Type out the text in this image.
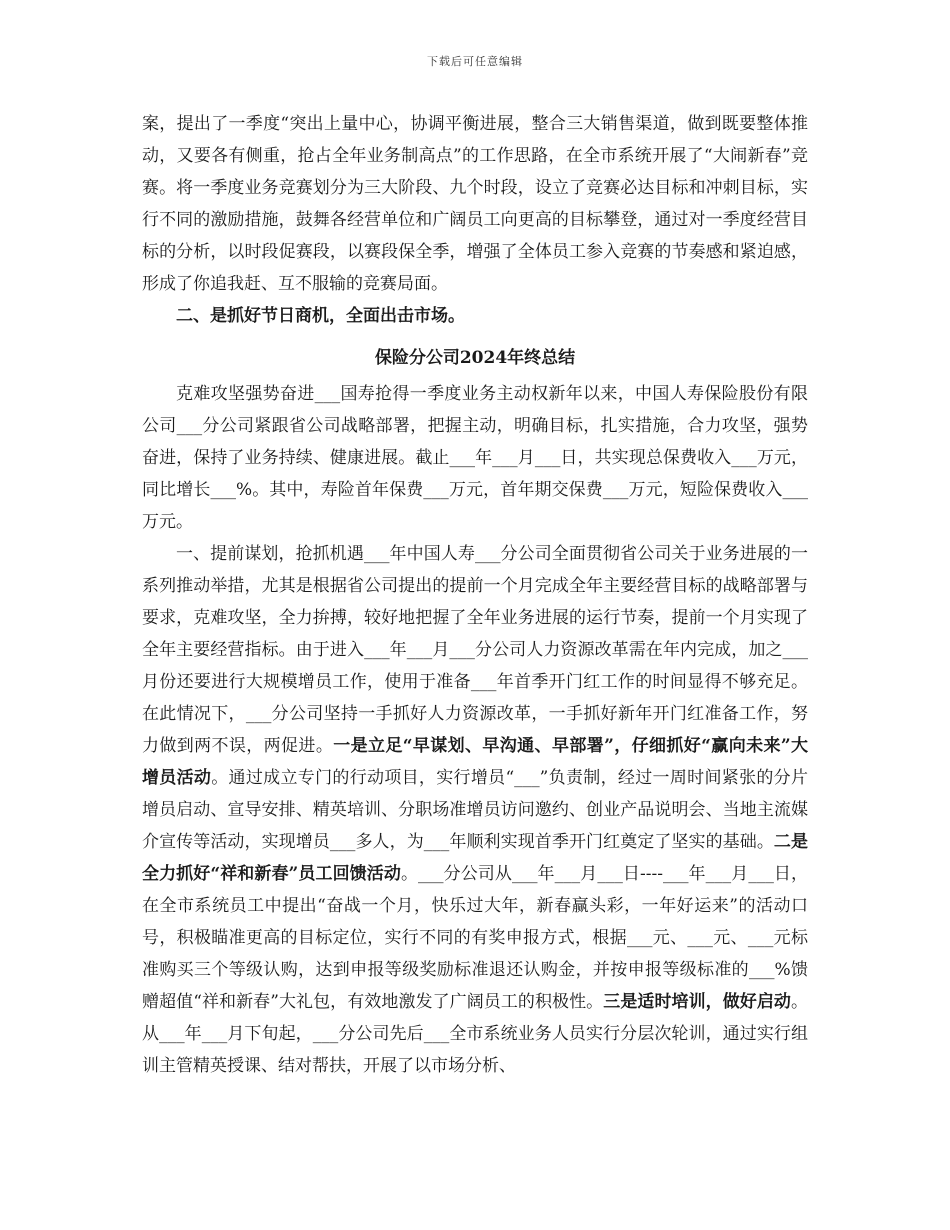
下载后可任意编辑

案，提出了一季度“突出上量中心，协调平衡进展，整合三大销售渠道，做到既要整体推动，又要各有侧重，抢占全年业务制高点”的工作思路，在全市系统开展了“大闹新春”竞赛。将一季度业务竞赛划分为三大阶段、九个时段，设立了竞赛必达目标和冲刺目标，实行不同的激励措施，鼓舞各经营单位和广阔员工向更高的目标攀登，通过对一季度经营目标的分析，以时段促赛段，以赛段保全季，增强了全体员工参入竞赛的节奏感和紧迫感，形成了你追我赶、互不服输的竞赛局面。

二、是抓好节日商机，全面出击市场。

保险分公司2024年终总结

克难攻坚强势奋进___国寿抢得一季度业务主动权新年以来，中国人寿保险股份有限公司___分公司紧跟省公司战略部署，把握主动，明确目标，扎实措施，合力攻坚，强势奋进，保持了业务持续、健康进展。截止___年___月___日，共实现总保费收入___万元，同比增长___%。其中，寿险首年保费___万元，首年期交保费___万元，短险保费收入___万元。

一、提前谋划，抢抓机遇___年中国人寿___分公司全面贯彻省公司关于业务进展的一系列推动举措，尤其是根据省公司提出的提前一个月完成全年主要经营目标的战略部署与要求，克难攻坚，全力拚搏，较好地把握了全年业务进展的运行节奏，提前一个月实现了全年主要经营指标。由于进入___年___月___分公司人力资源改革需在年内完成，加之___月份还要进行大规模增员工作，使用于准备___年首季开门红工作的时间显得不够充足。在此情况下，___分公司坚持一手抓好人力资源改革，一手抓好新年开门红准备工作，努力做到两不误，两促进。一是立足“早谋划、早沟通、早部署”，仔细抓好“赢向未来”大增员活动。通过成立专门的行动项目，实行增员“___”负责制，经过一周时间紧张的分片增员启动、宣导安排、精英培训、分职场准增员访问邀约、创业产品说明会、当地主流媒介宣传等活动，实现增员___多人，为___年顺利实现首季开门红奠定了坚实的基础。二是全力抓好“祥和新春”员工回馈活动。___分公司从___年___月___日----___年___月___日，在全市系统员工中提出“奋战一个月，快乐过大年，新春赢头彩，一年好运来”的活动口号，积极瞄准更高的目标定位，实行不同的有奖申报方式，根据___元、___元、___元标准购买三个等级认购，达到申报等级奖励标准退还认购金，并按申报等级标准的___%馈赠超值“祥和新春”大礼包，有效地激发了广阔员工的积极性。三是适时培训，做好启动。从___年___月下旬起，___分公司先后___全市系统业务人员实行分层次轮训，通过实行组训主管精英授课、结对帮扶，开展了以市场分析、
